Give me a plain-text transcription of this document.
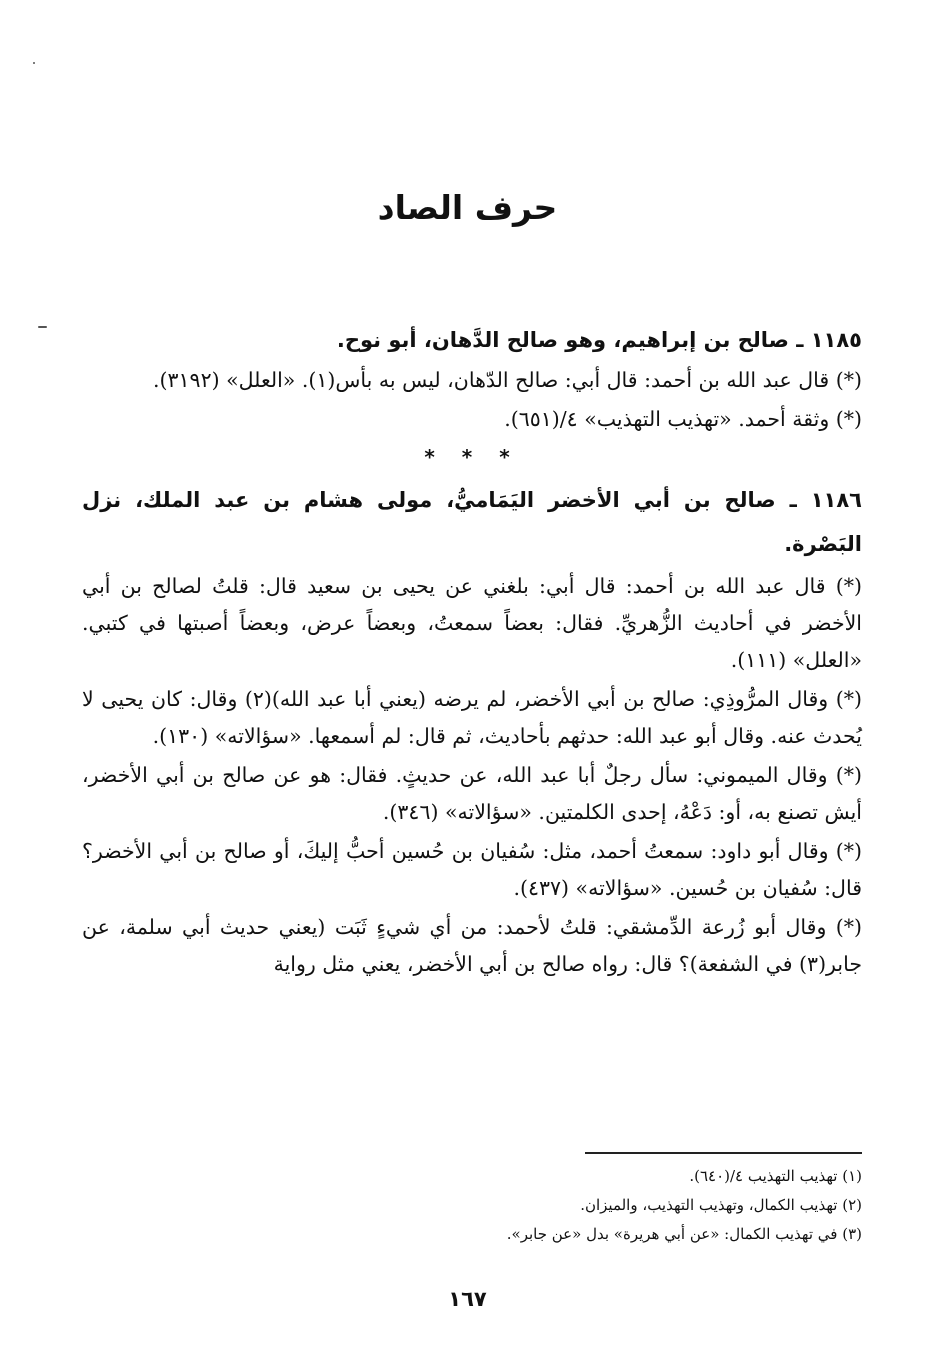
حرف الصاد

١١٨٥ ـ صالح بن إبراهيم، وهو صالح الدَّهان، أبو نوح.

(*) قال عبد الله بن أحمد: قال أبي: صالح الدّهان، ليس به بأس(١). «العلل» (٣١٩٢).

(*) وثقة أحمد. «تهذيب التهذيب» ٤/(٦٥١).

* * *

١١٨٦ ـ صالح بن أبي الأخضر اليَمَاميُّ، مولى هشام بن عبد الملك، نزل البَصْرة.

(*) قال عبد الله بن أحمد: قال أبي: بلغني عن يحيى بن سعيد قال: قلتُ لصالح بن أبي الأخضر في أحاديث الزُّهريِّ. فقال: بعضاً سمعتُ، وبعضاً عرض، وبعضاً أصبتها في كتبي. «العلل» (١١١).

(*) وقال المرُّوذِي: صالح بن أبي الأخضر، لم يرضه (يعني أبا عبد الله)(٢) وقال: كان يحيى لا يُحدث عنه. وقال أبو عبد الله: حدثهم بأحاديث، ثم قال: لم أسمعها. «سؤالاته» (١٣٠).

(*) وقال الميموني: سأل رجلٌ أبا عبد الله، عن حديثٍ. فقال: هو عن صالح بن أبي الأخضر، أيش تصنع به، أو: دَعْهُ، إحدى الكلمتين. «سؤالاته» (٣٤٦).

(*) وقال أبو داود: سمعتُ أحمد، مثل: سُفيان بن حُسين أحبُّ إليكَ، أو صالح بن أبي الأخضر؟ قال: سُفيان بن حُسين. «سؤالاته» (٤٣٧).

(*) وقال أبو زُرعة الدِّمشقي: قلتُ لأحمد: من أي شيءٍ ثَبَت (يعني حديث أبي سلمة، عن جابر(٣) في الشفعة)؟ قال: رواه صالح بن أبي الأخضر، يعني مثل رواية

(١) تهذيب التهذيب ٤/(٦٤٠).

(٢) تهذيب الكمال، وتهذيب التهذيب، والميزان.

(٣) في تهذيب الكمال: «عن أبي هريرة» بدل «عن جابر».

١٦٧
